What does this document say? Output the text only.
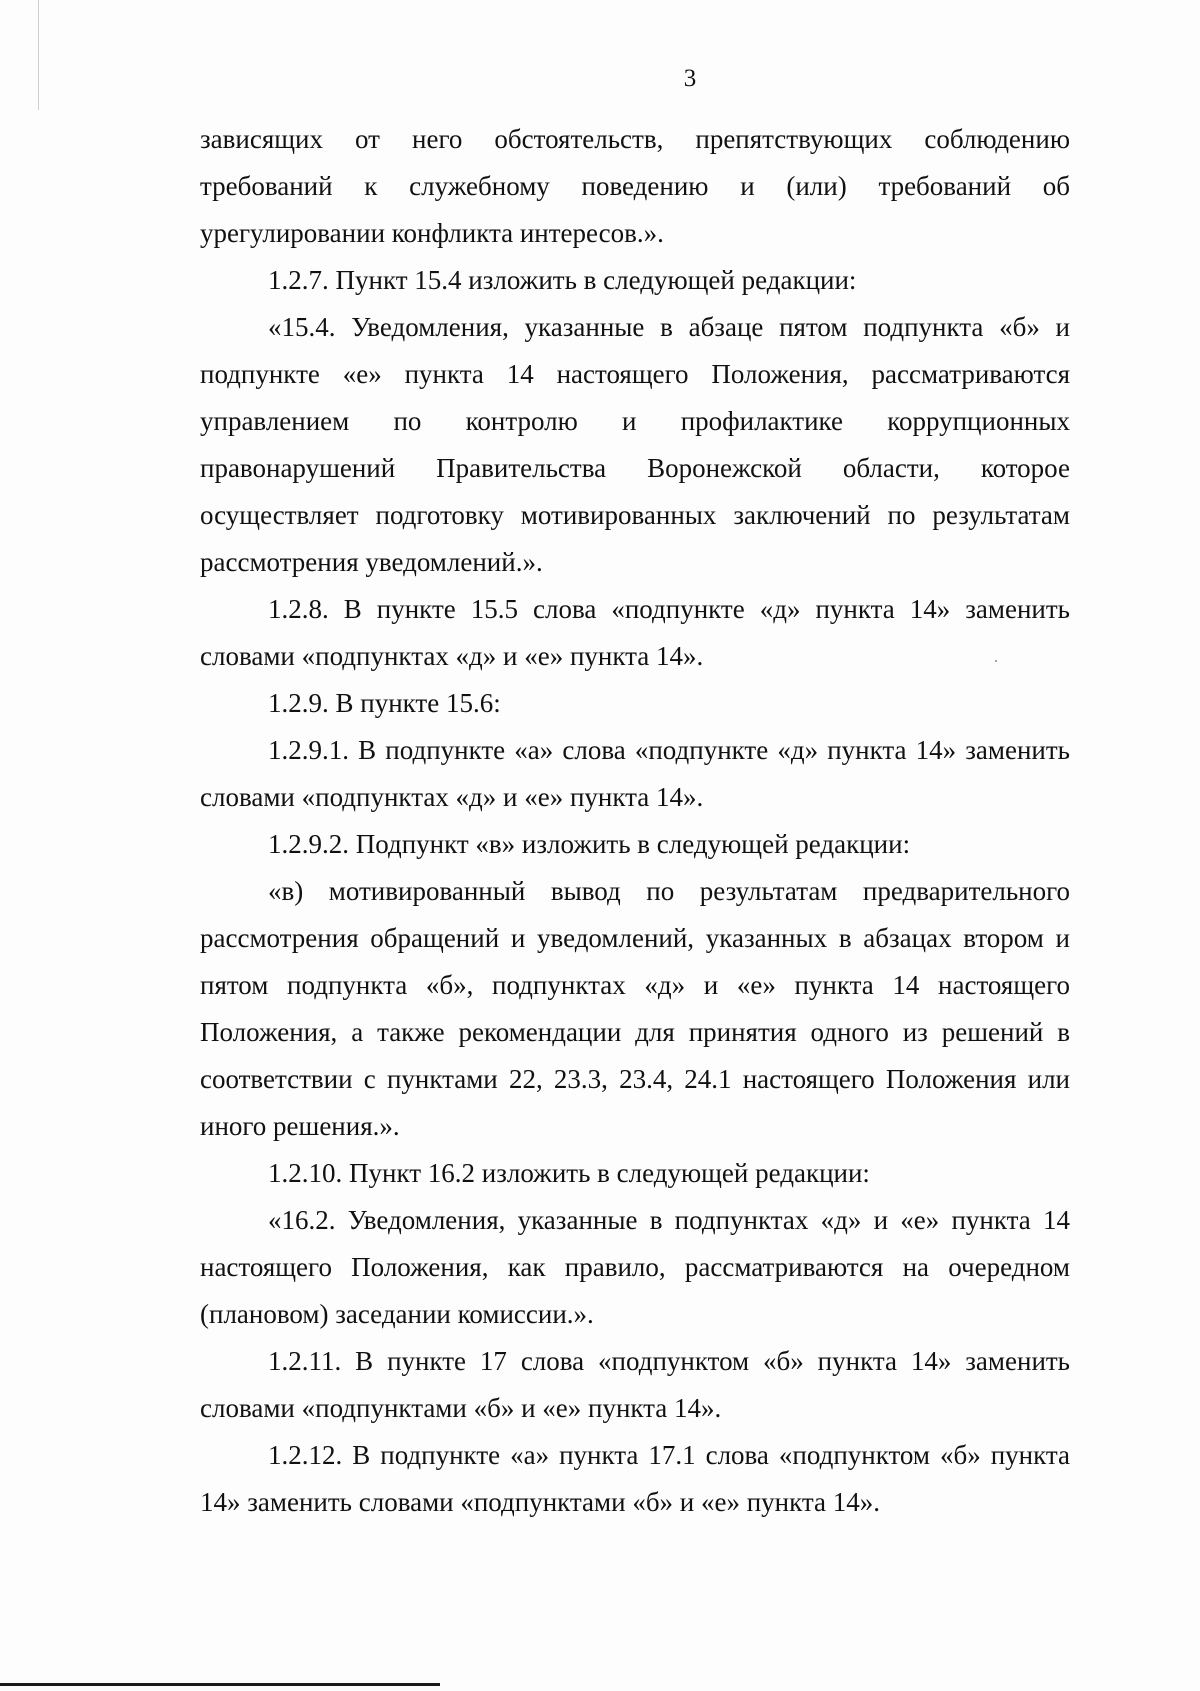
3

зависящих от него обстоятельств, препятствующих соблюдению требований к служебному поведению и (или) требований об урегулировании конфликта интересов.».

1.2.7. Пункт 15.4 изложить в следующей редакции:

«15.4. Уведомления, указанные в абзаце пятом подпункта «б» и подпункте «е» пункта 14 настоящего Положения, рассматриваются управлением по контролю и профилактике коррупционных правонарушений Правительства Воронежской области, которое осуществляет подготовку мотивированных заключений по результатам рассмотрения уведомлений.».

1.2.8. В пункте 15.5 слова «подпункте «д» пункта 14» заменить словами «подпунктах «д» и «е» пункта 14».

1.2.9. В пункте 15.6:

1.2.9.1. В подпункте «а» слова «подпункте «д» пункта 14» заменить словами «подпунктах «д» и «е» пункта 14».

1.2.9.2. Подпункт «в» изложить в следующей редакции:

«в) мотивированный вывод по результатам предварительного рассмотрения обращений и уведомлений, указанных в абзацах втором и пятом подпункта «б», подпунктах «д» и «е» пункта 14 настоящего Положения, а также рекомендации для принятия одного из решений в соответствии с пунктами 22, 23.3, 23.4, 24.1 настоящего Положения или иного решения.».

1.2.10. Пункт 16.2 изложить в следующей редакции:

«16.2. Уведомления, указанные в подпунктах «д» и «е» пункта 14 настоящего Положения, как правило, рассматриваются на очередном (плановом) заседании комиссии.».

1.2.11. В пункте 17 слова «подпунктом «б» пункта 14» заменить словами «подпунктами «б» и «е» пункта 14».

1.2.12. В подпункте «а» пункта 17.1 слова «подпунктом «б» пункта 14» заменить словами «подпунктами «б» и «е» пункта 14».
